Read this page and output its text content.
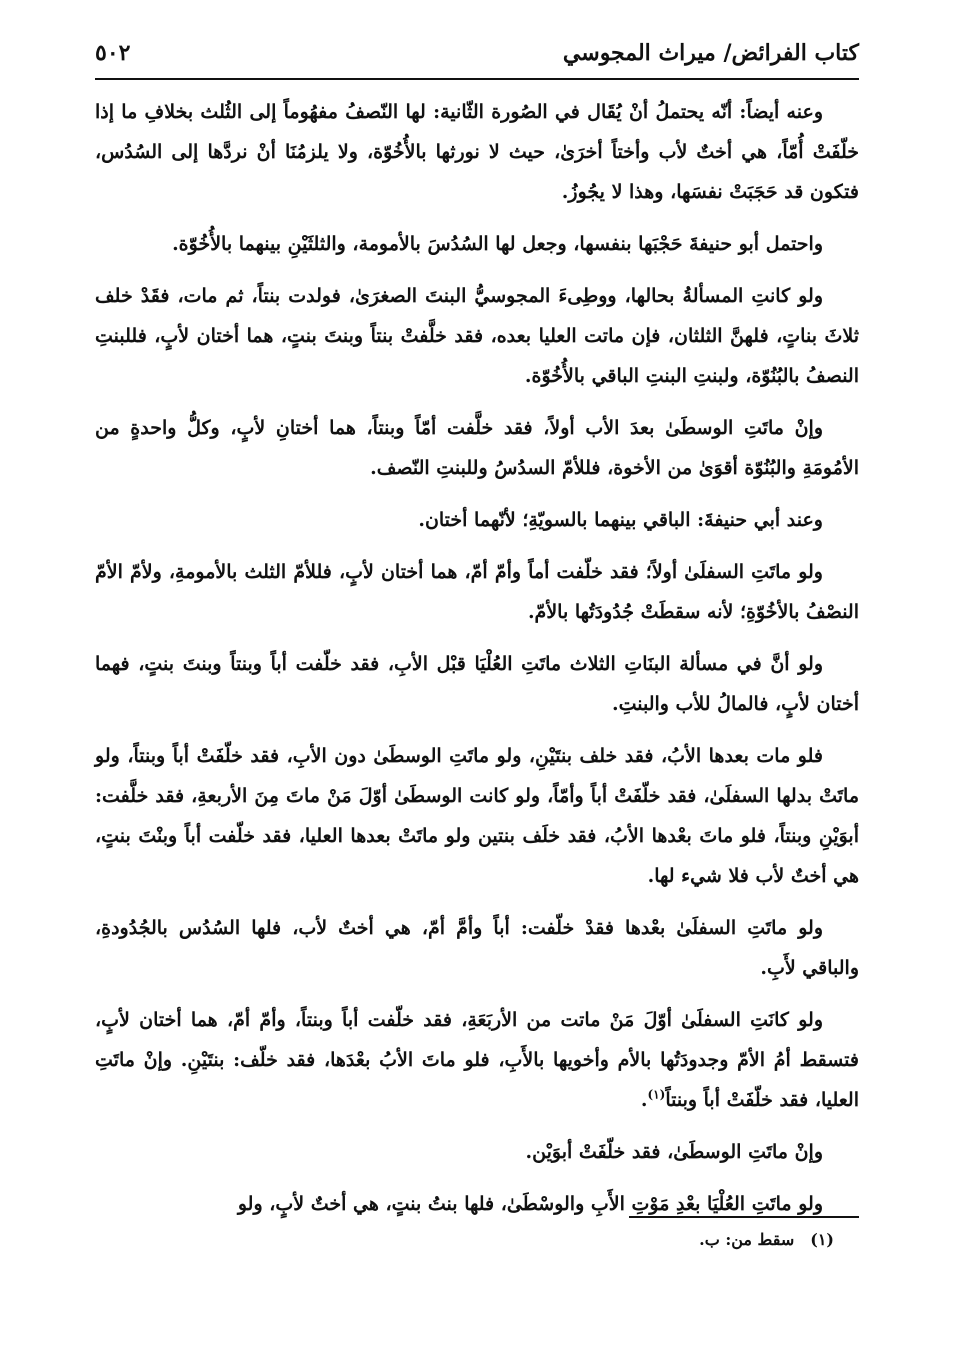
كتاب الفرائض/ ميراث المجوسي
٥٠٢

وعنه أيضاً: أنّه يحتملُ أنْ يُقَال في الصُورة الثّانية: لها النّصفُ مفهُوماً إلى الثُلث بخلافِ ما إذا خلّفَتْ أُمّاً، هي أختٌ لأب وأختاً أخرَىٰ، حيث لا نورثها بالأُخُوّة، ولا يلزمُنَا أنْ نردَّها إلى السُدُس، فتكون قد حَجَبَتْ نفسَها، وهذا لا يجُوزُ.

واحتمل أبو حنيفةَ حَجْبَها بنفسها، وجعل لها السُدُسَ بالأمومة، والثلثَيْنِ بينهما بالأُخُوّة.

ولو كانتِ المسألةُ بحالها، ووطِىءَ المجوسيُّ البنتَ الصغرَىٰ، فولدت بنتاً، ثم مات، فقَدْ خلف ثلاثَ بناتٍ، فلهنَّ الثلثان، فإن ماتت العليا بعده، فقد خلَّفتْ بنتاً وبنتَ بنتٍ، هما أختان لأبٍ، فللبنتِ النصفُ بالبُنُوّة، ولبنتِ البنتِ الباقي بالأُخُوّة.

وإنْ ماتَتِ الوسطَىٰ بعدَ الأب أولاً، فقد خلَّفت أمّاً وبنتاً، هما أختانِ لأبٍ، وكلُّ واحدةٍ من الأمُومَةِ والبُنُوّة أقوَىٰ من الأخوة، فللأمّ السدُسُ وللبنتِ النّصف.

وعند أبي حنيفةَ: الباقي بينهما بالسويّةِ؛ لأنّهما أختان.

ولو ماتَتِ السفلَىٰ أولاً؛ فقد خلّفت أماً وأمّ أمّ، هما أختان لأبٍ، فللأمّ الثلث بالأمومةِ، ولأمّ الأمّ النصْفُ بالأخُوّةِ؛ لأنه سقطَتْ جُدُودَتُها بالأمّ.

ولو أنَّ في مسألة البنَاتِ الثلاث ماتَتِ العُلْيَا قبْل الأبِ، فقد خلّفت أباً وبنتاً وبنتَ بنتٍ، فهما أختان لأبٍ، فالمالُ للأب والبنتِ.

فلو مات بعدها الأبُ، فقد خلف بنتَيْنِ، ولو ماتَتِ الوسطَىٰ دون الأبِ، فقد خلّفَتْ أباً وبنتاً، ولو ماتَتْ بدلها السفلَىٰ، فقد خلّفَتْ أباً وأمّاً، ولو كانت الوسطَىٰ أوّلَ مَنْ ماتَ مِنَ الأربعةِ، فقد خلَّفت: أبوَيْنِ وبنتاً، فلو ماتَ بعْدها الأبُ، فقد خلَف بنتين ولو ماتَتْ بعدها العليا، فقد خلّفت أباً وبنْتَ بنتٍ، هي أختٌ لأب فلا شيء لها.

ولو ماتَتِ السفلَىٰ بعْدها فقدْ خلّفت: أباً وأمَّ أمّ، هي أختٌ لأب، فلها السُدُس بالجُدُودةِ، والباقي لأَبِ.

ولو كانَتِ السفلَىٰ أوّلَ مَنْ ماتت من الأربَعَةِ، فقد خلّفت أباً وبنتاً، وأمّ أمّ، هما أختان لأبٍ، فتسقط أمُ الأمّ وجدودَتُها بالأم وأخويها بالأَبِ، فلو ماتَ الأبُ بعْدَها، فقد خلّف: بنتَيْنِ. وإنْ ماتَتِ العليا، فقد خلّفَتْ أباً وبنتاً$^{(١)}$.

وإنْ ماتَتِ الوسطَىٰ، فقد خلّفَتْ أبوَيْن.

ولو ماتَتِ العُلْيَا بعْدِ مَوْتِ الأَبِ والوسْطَىٰ، فلها بنتُ بنتٍ، هي أختٌ لأبٍ، ولو

(١)سقط من: ب.
